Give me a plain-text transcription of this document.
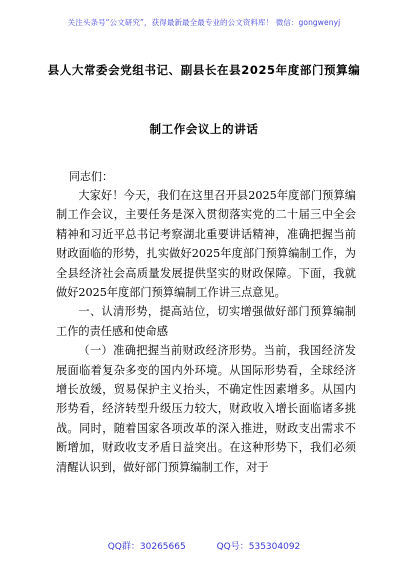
关注头条号“公文研究”，获得最新最全最专业的公文资料库！ 微信：gongwenyj
县人大常委会党组书记、副县长在县2025年度部门预算编
制工作会议上的讲话
同志们：

大家好！今天，我们在这里召开县2025年度部门预算编制工作会议，主要任务是深入贯彻落实党的二十届三中全会精神和习近平总书记考察湖北重要讲话精神，准确把握当前财政面临的形势，扎实做好2025年度部门预算编制工作，为全县经济社会高质量发展提供坚实的财政保障。下面，我就做好2025年度部门预算编制工作讲三点意见。

一、认清形势，提高站位，切实增强做好部门预算编制工作的责任感和使命感

（一）准确把握当前财政经济形势。当前，我国经济发展面临着复杂多变的国内外环境。从国际形势看，全球经济增长放缓，贸易保护主义抬头，不确定性因素增多。从国内形势看，经济转型升级压力较大，财政收入增长面临诸多挑战。同时，随着国家各项改革的深入推进，财政支出需求不断增加，财政收支矛盾日益突出。在这种形势下，我们必须清醒认识到，做好部门预算编制工作，对于

QQ群：30265665	QQ号：535304092
